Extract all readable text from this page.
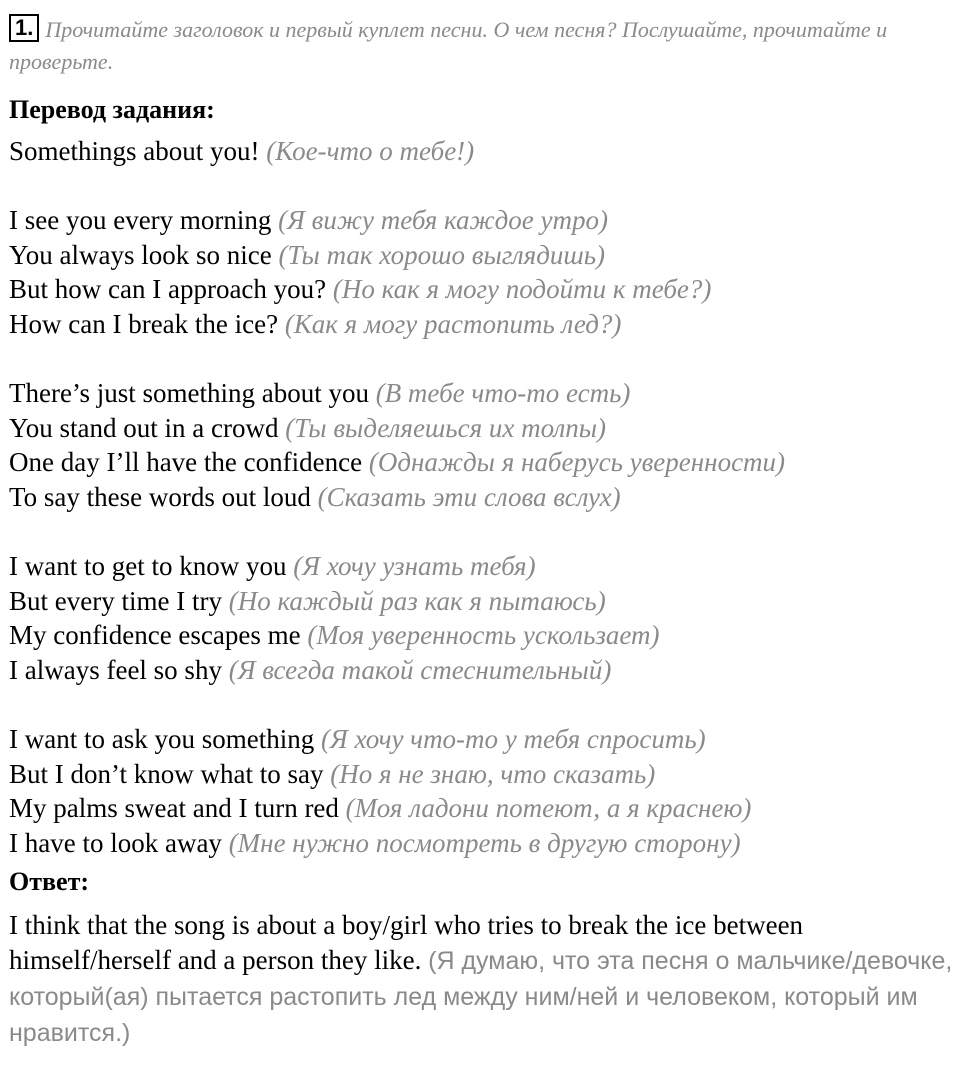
1. Прочитайте заголовок и первый куплет песни. О чем песня? Послушайте, прочитайте и проверьте.
Перевод задания:
Somethings about you! (Кое-что о тебе!)
I see you every morning (Я вижу тебя каждое утро)
You always look so nice (Ты так хорошо выглядишь)
But how can I approach you? (Но как я могу подойти к тебе?)
How can I break the ice? (Как я могу растопить лед?)
There’s just something about you (В тебе что-то есть)
You stand out in a crowd (Ты выделяешься их толпы)
One day I’ll have the confidence (Однажды я наберусь уверенности)
To say these words out loud (Сказать эти слова вслух)
I want to get to know you (Я хочу узнать тебя)
But every time I try (Но каждый раз как я пытаюсь)
My confidence escapes me (Моя уверенность ускользает)
I always feel so shy (Я всегда такой стеснительный)
I want to ask you something (Я хочу что-то у тебя спросить)
But I don’t know what to say (Но я не знаю, что сказать)
My palms sweat and I turn red (Моя ладони потеют, а я краснею)
I have to look away (Мне нужно посмотреть в другую сторону)
Ответ:
I think that the song is about a boy/girl who tries to break the ice between himself/herself and a person they like. (Я думаю, что эта песня о мальчике/девочке, который(ая) пытается растопить лед между ним/ней и человеком, который им нравится.)
